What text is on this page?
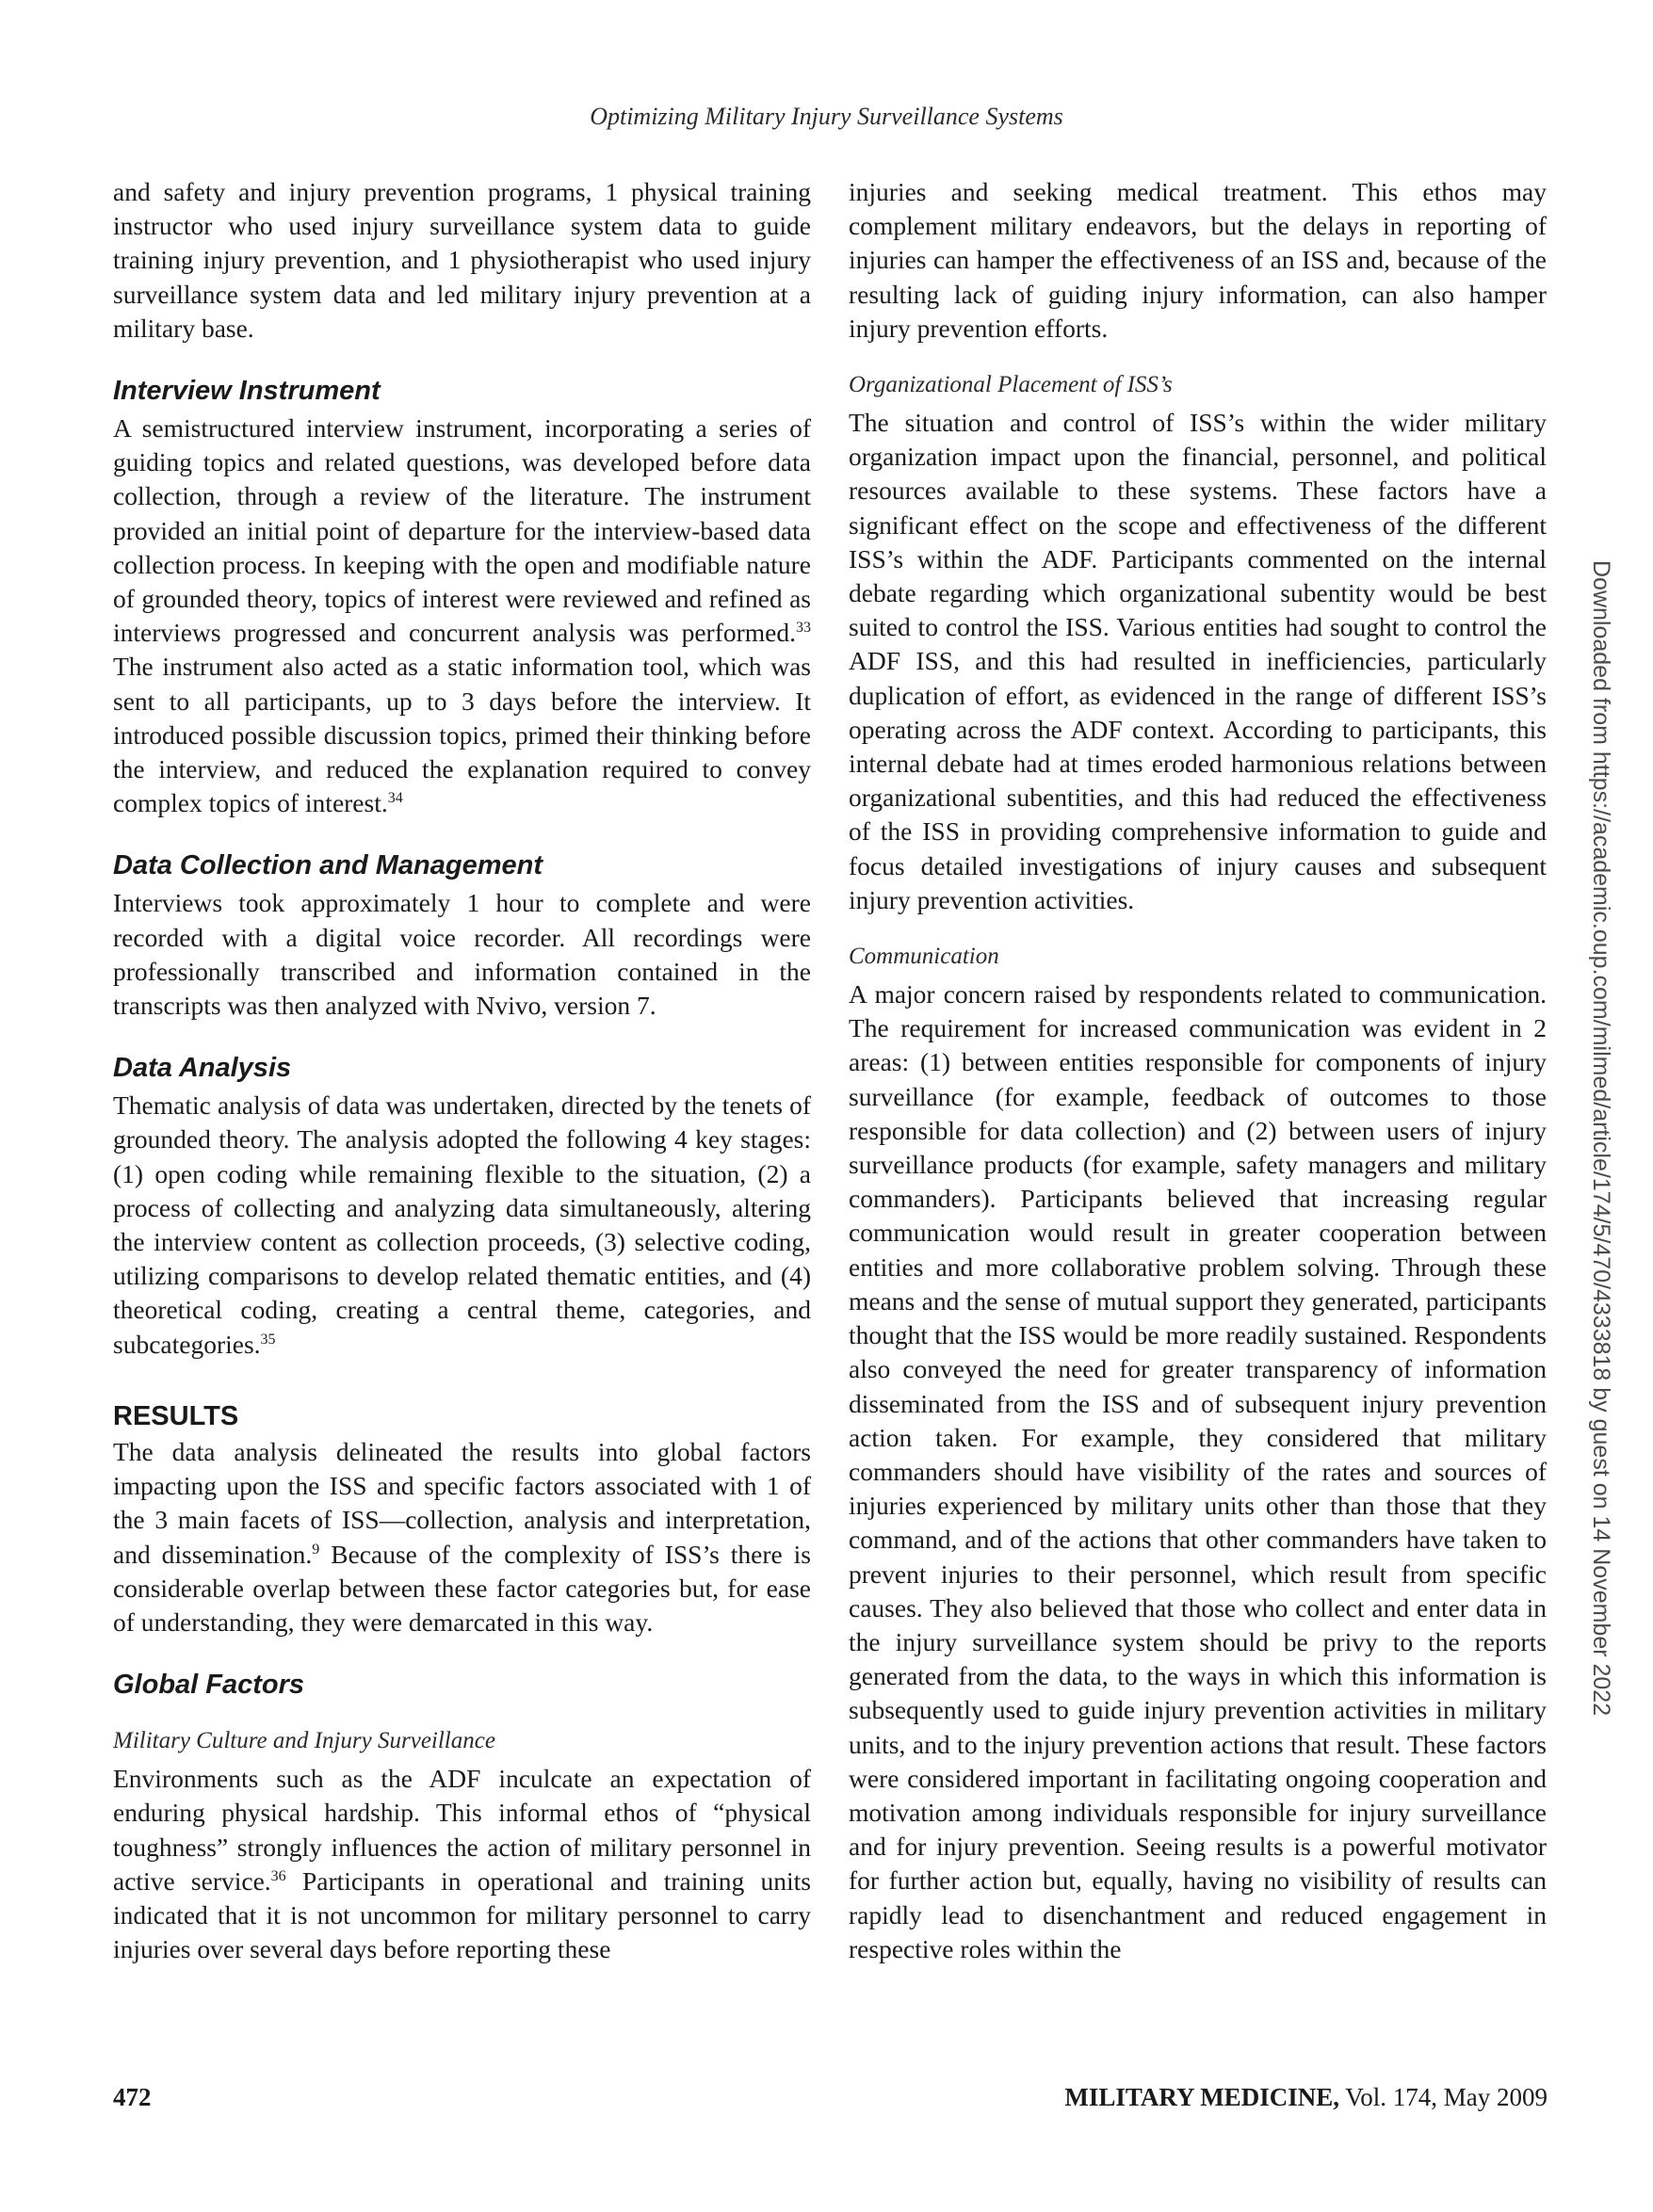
Optimizing Military Injury Surveillance Systems

and safety and injury prevention programs, 1 physical training instructor who used injury surveillance system data to guide training injury prevention, and 1 physiotherapist who used injury surveillance system data and led military injury prevention at a military base.

Interview Instrument

A semistructured interview instrument, incorporating a series of guiding topics and related questions, was developed before data collection, through a review of the literature. The instrument provided an initial point of departure for the interview-based data collection process. In keeping with the open and modifiable nature of grounded theory, topics of interest were reviewed and refined as interviews progressed and concurrent analysis was performed.$^{33}$ The instrument also acted as a static information tool, which was sent to all participants, up to 3 days before the interview. It introduced possible discussion topics, primed their thinking before the interview, and reduced the explanation required to convey complex topics of interest.$^{34}$

Data Collection and Management

Interviews took approximately 1 hour to complete and were recorded with a digital voice recorder. All recordings were professionally transcribed and information contained in the transcripts was then analyzed with Nvivo, version 7.

Data Analysis

Thematic analysis of data was undertaken, directed by the tenets of grounded theory. The analysis adopted the following 4 key stages: (1) open coding while remaining flexible to the situation, (2) a process of collecting and analyzing data simultaneously, altering the interview content as collection proceeds, (3) selective coding, utilizing comparisons to develop related thematic entities, and (4) theoretical coding, creating a central theme, categories, and subcategories.$^{35}$

RESULTS

The data analysis delineated the results into global factors impacting upon the ISS and specific factors associated with 1 of the 3 main facets of ISS—collection, analysis and interpretation, and dissemination.$^9$ Because of the complexity of ISS’s there is considerable overlap between these factor categories but, for ease of understanding, they were demarcated in this way.

Global Factors
Military Culture and Injury Surveillance

Environments such as the ADF inculcate an expectation of enduring physical hardship. This informal ethos of “physical toughness” strongly influences the action of military personnel in active service.$^{36}$ Participants in operational and training units indicated that it is not uncommon for military personnel to carry injuries over several days before reporting these

injuries and seeking medical treatment. This ethos may complement military endeavors, but the delays in reporting of injuries can hamper the effectiveness of an ISS and, because of the resulting lack of guiding injury information, can also hamper injury prevention efforts.

Organizational Placement of ISS’s

The situation and control of ISS’s within the wider military organization impact upon the financial, personnel, and political resources available to these systems. These factors have a significant effect on the scope and effectiveness of the different ISS’s within the ADF. Participants commented on the internal debate regarding which organizational subentity would be best suited to control the ISS. Various entities had sought to control the ADF ISS, and this had resulted in inefficiencies, particularly duplication of effort, as evidenced in the range of different ISS’s operating across the ADF context. According to participants, this internal debate had at times eroded harmonious relations between organizational subentities, and this had reduced the effectiveness of the ISS in providing comprehensive information to guide and focus detailed investigations of injury causes and subsequent injury prevention activities.

Communication

A major concern raised by respondents related to communication. The requirement for increased communication was evident in 2 areas: (1) between entities responsible for components of injury surveillance (for example, feedback of outcomes to those responsible for data collection) and (2) between users of injury surveillance products (for example, safety managers and military commanders). Participants believed that increasing regular communication would result in greater cooperation between entities and more collaborative problem solving. Through these means and the sense of mutual support they generated, participants thought that the ISS would be more readily sustained. Respondents also conveyed the need for greater transparency of information disseminated from the ISS and of subsequent injury prevention action taken. For example, they considered that military commanders should have visibility of the rates and sources of injuries experienced by military units other than those that they command, and of the actions that other commanders have taken to prevent injuries to their personnel, which result from specific causes. They also believed that those who collect and enter data in the injury surveillance system should be privy to the reports generated from the data, to the ways in which this information is subsequently used to guide injury prevention activities in military units, and to the injury prevention actions that result. These factors were considered important in facilitating ongoing cooperation and motivation among individuals responsible for injury surveillance and for injury prevention. Seeing results is a powerful motivator for further action but, equally, having no visibility of results can rapidly lead to disenchantment and reduced engagement in respective roles within the

Downloaded from https://academic.oup.com/milmed/article/174/5/470/4333818 by guest on 14 November 2022
472	MILITARY MEDICINE, Vol. 174, May 2009
